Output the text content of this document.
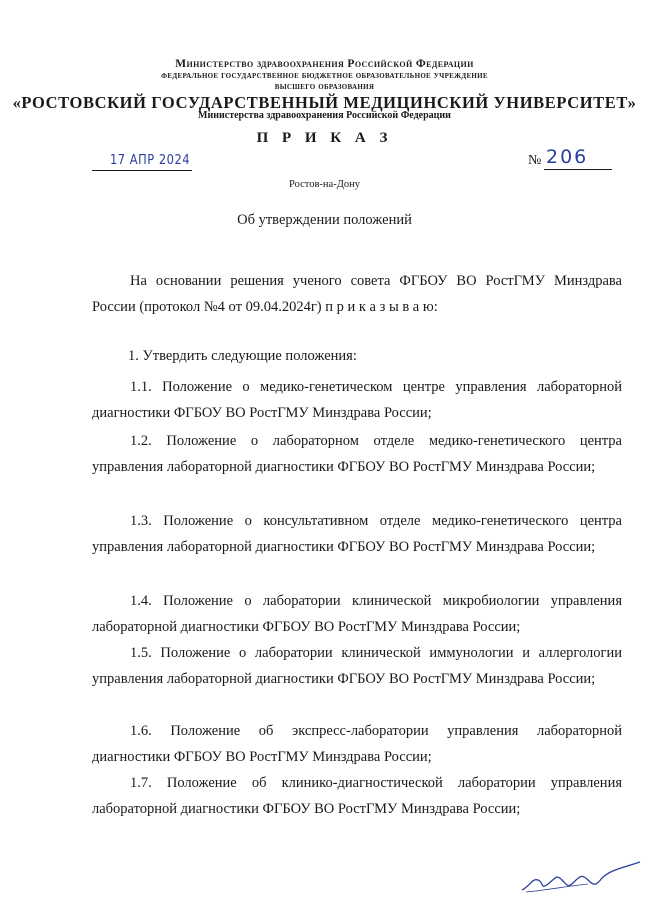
Министерство здравоохранения Российской Федерации
федеральное государственное бюджетное образовательное учреждение
высшего образования
«РОСТОВСКИЙ ГОСУДАРСТВЕННЫЙ МЕДИЦИНСКИЙ УНИВЕРСИТЕТ»
Министерства здравоохранения Российской Федерации
П Р И К А З
17 АПР 2024	№ 206
Ростов-на-Дону
Об утверждении положений
На основании решения ученого совета ФГБОУ ВО РостГМУ Минздрава России (протокол №4 от 09.04.2024г) п р и к а з ы в а ю:
1. Утвердить следующие положения:
1.1. Положение о медико-генетическом центре управления лабораторной диагностики ФГБОУ ВО РостГМУ Минздрава России;
1.2. Положение о лабораторном отделе медико-генетического центра управления лабораторной диагностики ФГБОУ ВО РостГМУ Минздрава России;
1.3. Положение о консультативном отделе медико-генетического центра управления лабораторной диагностики ФГБОУ ВО РостГМУ Минздрава России;
1.4. Положение о лаборатории клинической микробиологии управления лабораторной диагностики ФГБОУ ВО РостГМУ Минздрава России;
1.5. Положение о лаборатории клинической иммунологии и аллергологии управления лабораторной диагностики ФГБОУ ВО РостГМУ Минздрава России;
1.6. Положение об экспресс-лаборатории управления лабораторной диагностики ФГБОУ ВО РостГМУ Минздрава России;
1.7. Положение об клинико-диагностической лаборатории управления лабораторной диагностики ФГБОУ ВО РостГМУ Минздрава России;
